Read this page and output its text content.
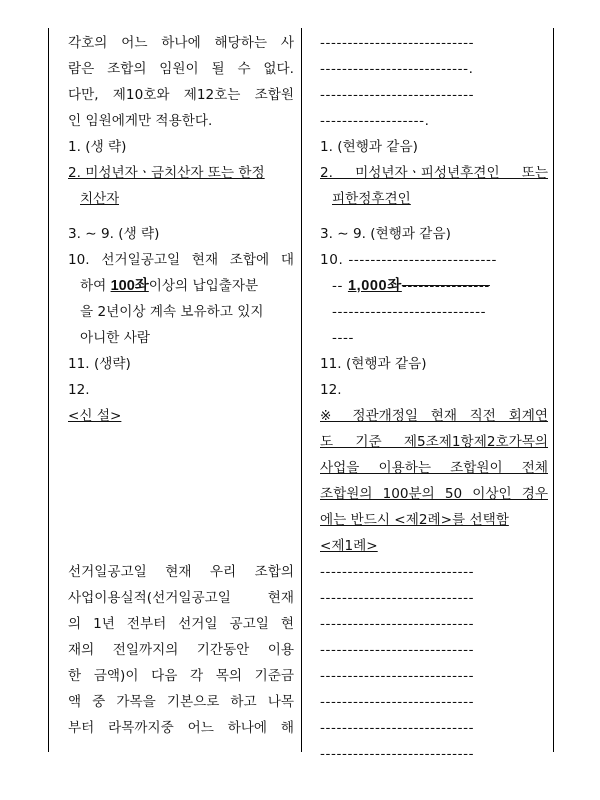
각호의 어느 하나에 해당하는 사
람은 조합의 임원이 될 수 없다.
다만, 제10호와 제12호는 조합원
인 임원에게만 적용한다.
1. (생 략)
2. 미성년자ㆍ금치산자 또는 한정
치산자
3. ∼ 9. (생 략)
10. 선거일공고일 현재 조합에 대
하여 100좌이상의 납입출자분
을 2년이상 계속 보유하고 있지
아니한 사람
11. (생략)
12.
<신 설>
선거일공고일 현재 우리 조합의
사업이용실적(선거일공고일 현재
의 1년 전부터 선거일 공고일 현
재의 전일까지의 기간동안 이용
한 금액)이 다음 각 목의 기준금
액 중 가목을 기본으로 하고 나목
부터 라목까지중 어느 하나에 해
----------------------------
---------------------------.
----------------------------
-------------------.
1. (현행과 같음)
2. 미성년자ㆍ피성년후견인 또는
피한정후견인
3. ∼ 9. (현행과 같음)
10. ---------------------------
-- 1,000좌----------------
----------------------------
----
11. (현행과 같음)
12.
※ 정관개정일 현재 직전 회계연
도 기준 제5조제1항제2호가목의
사업을 이용하는 조합원이 전체
조합원의 100분의 50 이상인 경우
에는 반드시 <제2례>를 선택함
<제1례>
----------------------------
----------------------------
----------------------------
----------------------------
----------------------------
----------------------------
----------------------------
----------------------------
